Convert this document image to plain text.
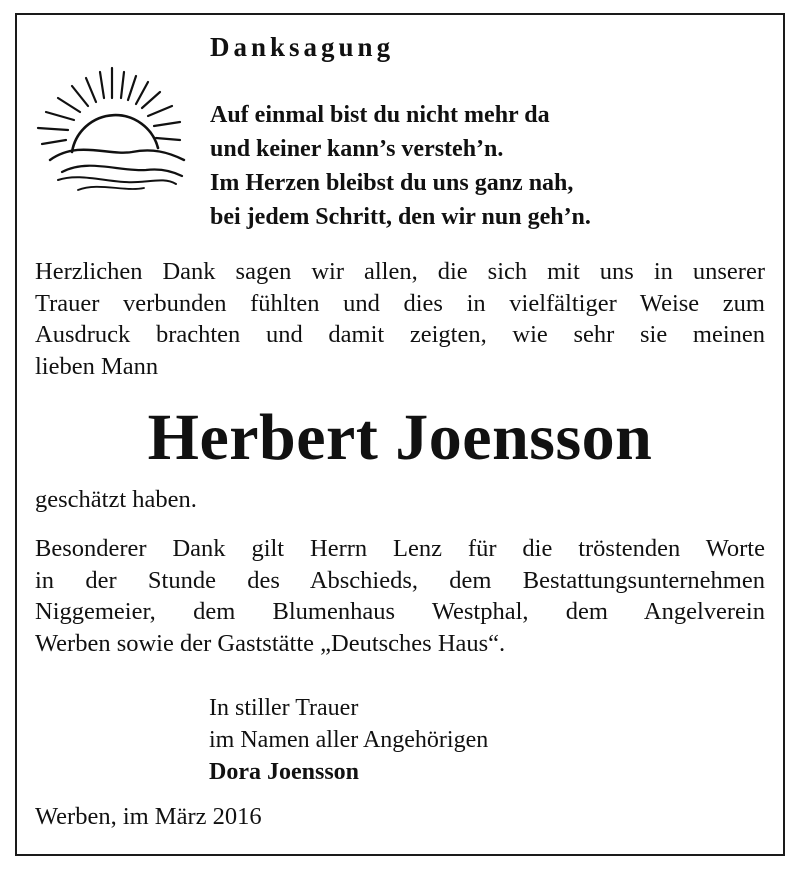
Danksagung
Auf einmal bist du nicht mehr da
und keiner kann’s versteh’n.
Im Herzen bleibst du uns ganz nah,
bei jedem Schritt, den wir nun geh’n.

Herzlichen Dank sagen wir allen, die sich mit uns in unserer
Trauer verbunden fühlten und dies in vielfältiger Weise zum
Ausdruck brachten und damit zeigten, wie sehr sie meinen
lieben Mann

Herbert Joensson
geschätzt haben.

Besonderer Dank gilt Herrn Lenz für die tröstenden Worte
in der Stunde des Abschieds, dem Bestattungsunternehmen
Niggemeier, dem Blumenhaus Westphal, dem Angelverein
Werben sowie der Gaststätte „Deutsches Haus“.

In stiller Trauer
im Namen aller Angehörigen
Dora Joensson
Werben, im März 2016
